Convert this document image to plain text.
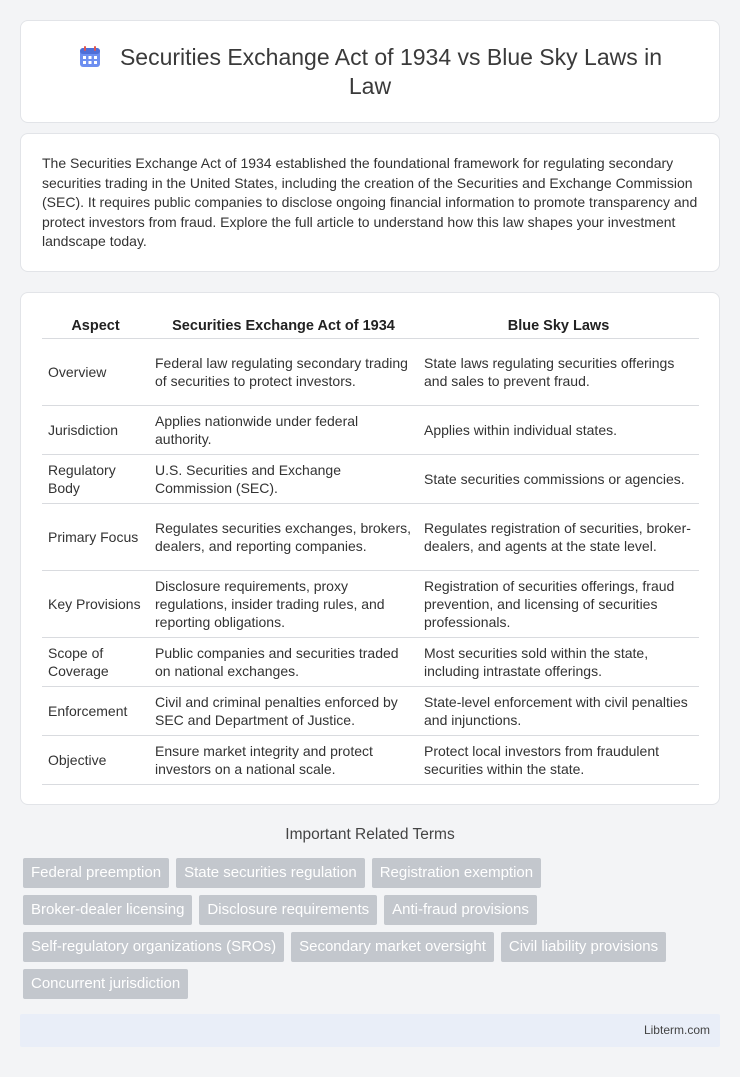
Securities Exchange Act of 1934 vs Blue Sky Laws in Law

The Securities Exchange Act of 1934 established the foundational framework for regulating secondary securities trading in the United States, including the creation of the Securities and Exchange Commission (SEC). It requires public companies to disclose ongoing financial information to promote transparency and protect investors from fraud. Explore the full article to understand how this law shapes your investment landscape today.

Aspect	Securities Exchange Act of 1934	Blue Sky Laws
Overview	Federal law regulating secondary trading of securities to protect investors.	State laws regulating securities offerings and sales to prevent fraud.
Jurisdiction	Applies nationwide under federal authority.	Applies within individual states.
Regulatory Body	U.S. Securities and Exchange Commission (SEC).	State securities commissions or agencies.
Primary Focus	Regulates securities exchanges, brokers, dealers, and reporting companies.	Regulates registration of securities, broker-dealers, and agents at the state level.
Key Provisions	Disclosure requirements, proxy regulations, insider trading rules, and reporting obligations.	Registration of securities offerings, fraud prevention, and licensing of securities professionals.
Scope of Coverage	Public companies and securities traded on national exchanges.	Most securities sold within the state, including intrastate offerings.
Enforcement	Civil and criminal penalties enforced by SEC and Department of Justice.	State-level enforcement with civil penalties and injunctions.
Objective	Ensure market integrity and protect investors on a national scale.	Protect local investors from fraudulent securities within the state.
Important Related Terms
Federal preemption	State securities regulation	Registration exemption
Broker-dealer licensing	Disclosure requirements	Anti-fraud provisions
Self-regulatory organizations (SROs)	Secondary market oversight	Civil liability provisions
Concurrent jurisdiction
Libterm.com
